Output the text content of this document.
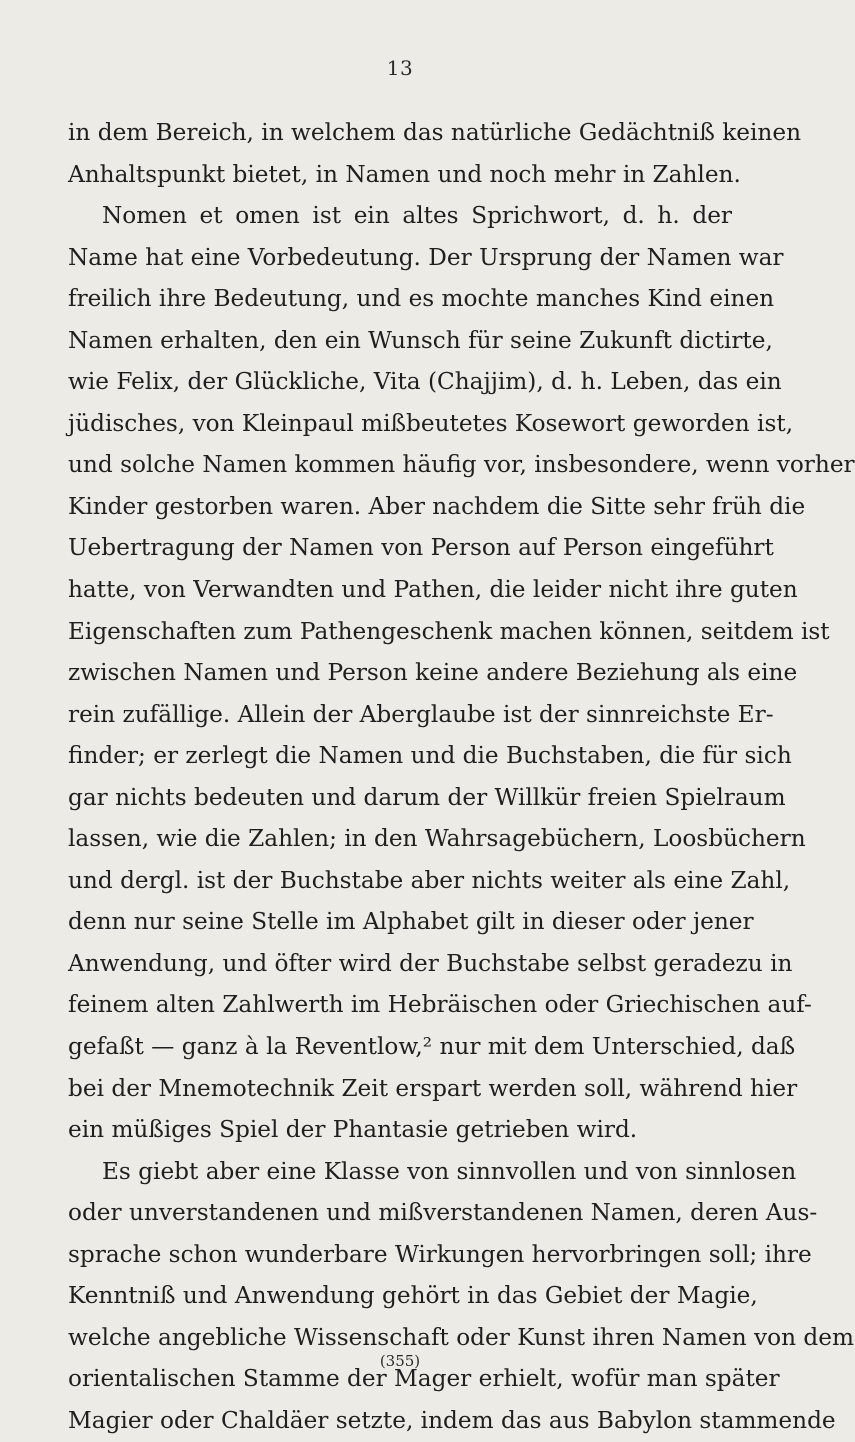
13
in dem Bereich, in welchem das natürliche Gedächtniß keinen
Anhaltspunkt bietet, in Namen und noch mehr in Zahlen.
Nomen et omen ist ein altes Sprichwort, d. h. der
Name hat eine Vorbedeutung. Der Ursprung der Namen war
freilich ihre Bedeutung, und es mochte manches Kind einen
Namen erhalten, den ein Wunsch für seine Zukunft dictirte,
wie Felix, der Glückliche, Vita (Chajjim), d. h. Leben, das ein
jüdisches, von Kleinpaul mißbeutetes Kosewort geworden ist,
und solche Namen kommen häufig vor, insbesondere, wenn vorher
Kinder gestorben waren. Aber nachdem die Sitte sehr früh die
Uebertragung der Namen von Person auf Person eingeführt
hatte, von Verwandten und Pathen, die leider nicht ihre guten
Eigenschaften zum Pathengeschenk machen können, seitdem ist
zwischen Namen und Person keine andere Beziehung als eine
rein zufällige. Allein der Aberglaube ist der sinnreichste Er-
finder; er zerlegt die Namen und die Buchstaben, die für sich
gar nichts bedeuten und darum der Willkür freien Spielraum
lassen, wie die Zahlen; in den Wahrsagebüchern, Loosbüchern
und dergl. ist der Buchstabe aber nichts weiter als eine Zahl,
denn nur seine Stelle im Alphabet gilt in dieser oder jener
Anwendung, und öfter wird der Buchstabe selbst geradezu in
feinem alten Zahlwerth im Hebräischen oder Griechischen auf-
gefaßt — ganz à la Reventlow,² nur mit dem Unterschied, daß
bei der Mnemotechnik Zeit erspart werden soll, während hier
ein müßiges Spiel der Phantasie getrieben wird.
Es giebt aber eine Klasse von sinnvollen und von sinnlosen
oder unverstandenen und mißverstandenen Namen, deren Aus-
sprache schon wunderbare Wirkungen hervorbringen soll; ihre
Kenntniß und Anwendung gehört in das Gebiet der Magie,
welche angebliche Wissenschaft oder Kunst ihren Namen von dem
orientalischen Stamme der Mager erhielt, wofür man später
Magier oder Chaldäer setzte, indem das aus Babylon stammende
(355)
